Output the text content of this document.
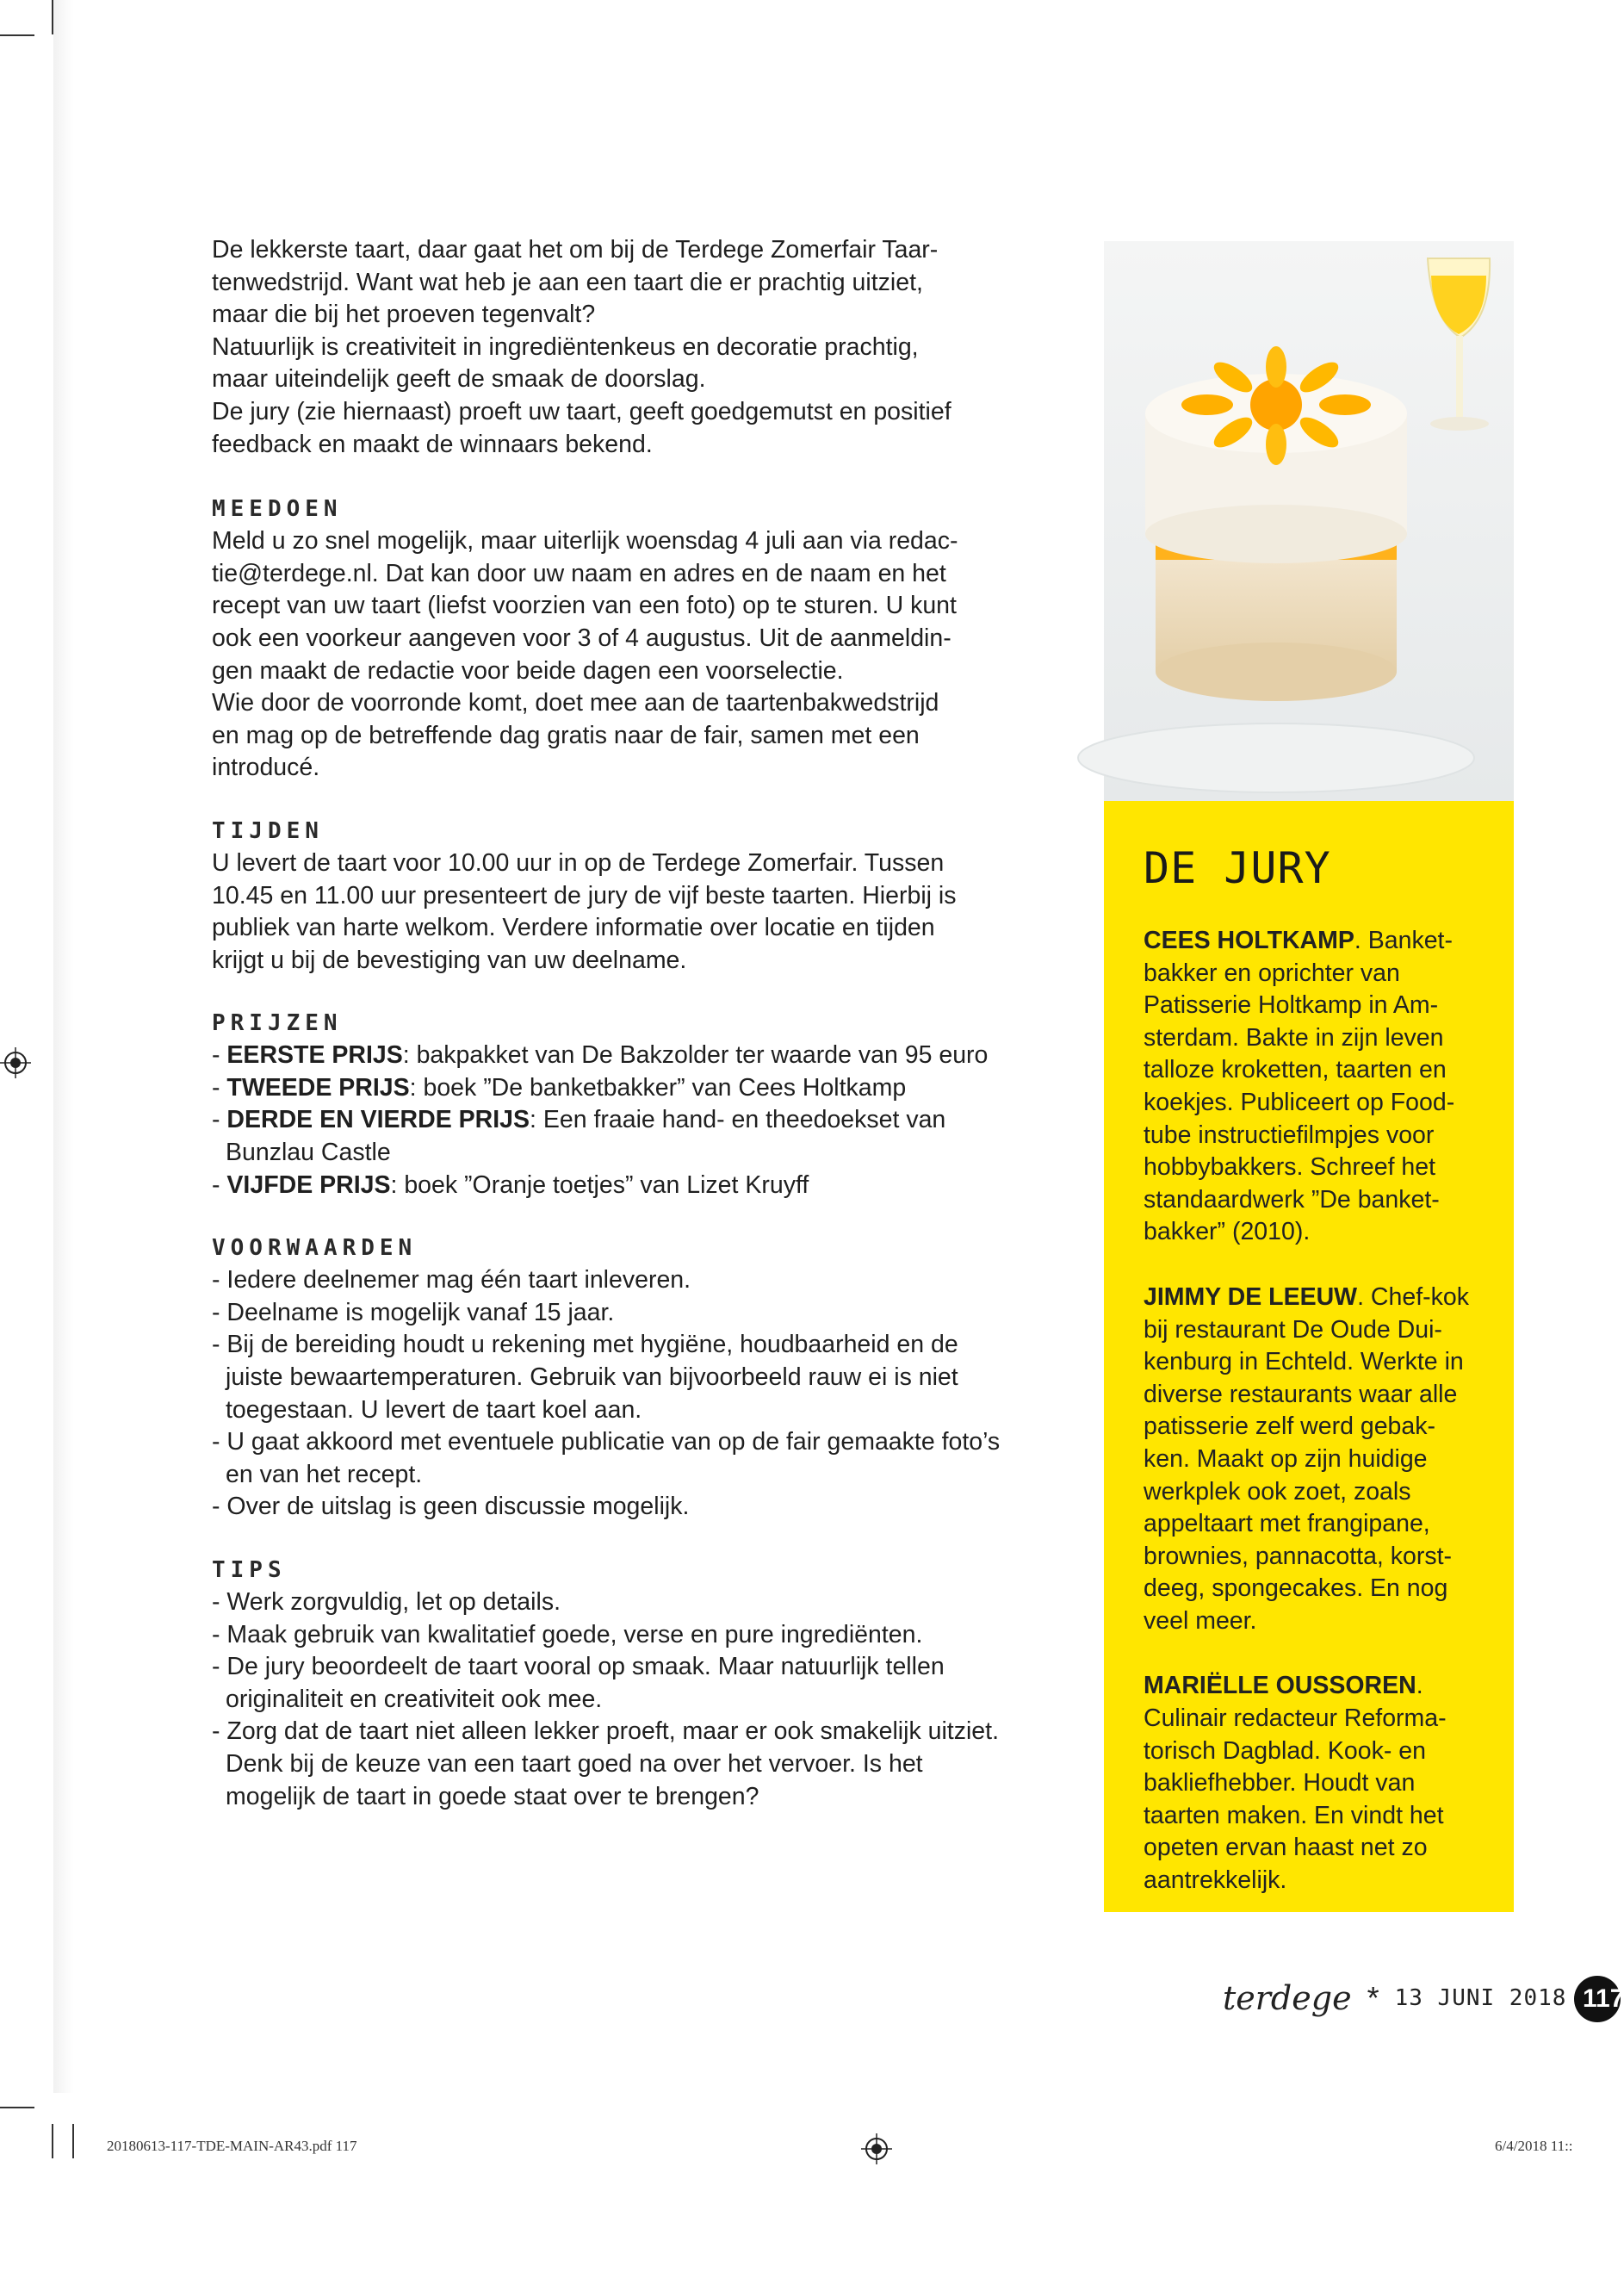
De lekkerste taart, daar gaat het om bij de Terdege Zomerfair Taar-

tenwedstrijd. Want wat heb je aan een taart die er prachtig uitziet,

maar die bij het proeven tegenvalt?

Natuurlijk is creativiteit in ingrediëntenkeus en decoratie prachtig,

maar uiteindelijk geeft de smaak de doorslag.

De jury (zie hiernaast) proeft uw taart, geeft goedgemutst en positief

feedback en maakt de winnaars bekend.

MEEDOEN

Meld u zo snel mogelijk, maar uiterlijk woensdag 4 juli aan via redac-

tie@terdege.nl. Dat kan door uw naam en adres en de naam en het

recept van uw taart (liefst voorzien van een foto) op te sturen. U kunt

ook een voorkeur aangeven voor 3 of 4 augustus. Uit de aanmeldin-

gen maakt de redactie voor beide dagen een voorselectie.

Wie door de voorronde komt, doet mee aan de taartenbakwedstrijd

en mag op de betreffende dag gratis naar de fair, samen met een

introducé.

TIJDEN

U levert de taart voor 10.00 uur in op de Terdege Zomerfair. Tussen

10.45 en 11.00 uur presenteert de jury de vijf beste taarten. Hierbij is

publiek van harte welkom. Verdere informatie over locatie en tijden

krijgt u bij de bevestiging van uw deelname.

PRIJZEN

- EERSTE PRIJS: bakpakket van De Bakzolder ter waarde van 95 euro

- TWEEDE PRIJS: boek ”De banketbakker” van Cees Holtkamp

- DERDE EN VIERDE PRIJS: Een fraaie hand- en theedoekset van Bunzlau Castle

- VIJFDE PRIJS: boek ”Oranje toetjes” van Lizet Kruyff

VOORWAARDEN

- Iedere deelnemer mag één taart inleveren.

- Deelname is mogelijk vanaf 15 jaar.

- Bij de bereiding houdt u rekening met hygiëne, houdbaarheid en de juiste bewaartemperaturen. Gebruik van bijvoorbeeld rauw ei is niet toegestaan. U levert de taart koel aan.

- U gaat akkoord met eventuele publicatie van op de fair gemaakte foto’s en van het recept.

- Over de uitslag is geen discussie mogelijk.

TIPS

- Werk zorgvuldig, let op details.

- Maak gebruik van kwalitatief goede, verse en pure ingrediënten.

- De jury beoordeelt de taart vooral op smaak. Maar natuurlijk tellen originaliteit en creativiteit ook mee.

- Zorg dat de taart niet alleen lekker proeft, maar er ook smakelijk uitziet. Denk bij de keuze van een taart goed na over het vervoer. Is het mogelijk de taart in goede staat over te brengen?

DE JURY
CEES HOLTKAMP. Banket-
bakker en oprichter van
Patisserie Holtkamp in Am-
sterdam. Bakte in zijn leven
talloze kroketten, taarten en
koekjes. Publiceert op Food-
tube instructiefilmpjes voor
hobbybakkers. Schreef het
standaardwerk ”De banket-
bakker” (2010).
JIMMY DE LEEUW. Chef-kok
bij restaurant De Oude Dui-
kenburg in Echteld. Werkte in
diverse restaurants waar alle
patisserie zelf werd gebak-
ken. Maakt op zijn huidige
werkplek ook zoet, zoals
appeltaart met frangipane,
brownies, pannacotta, korst-
deeg, spongecakes. En nog
veel meer.
MARIËLLE OUSSOREN.
Culinair redacteur Reforma-
torisch Dagblad. Kook- en
bakliefhebber. Houdt van
taarten maken. En vindt het
opeten ervan haast net zo
aantrekkelijk.
terdege * 13 JUNI 2018 117
20180613-117-TDE-MAIN-AR43.pdf 117	6/4/2018 11::
